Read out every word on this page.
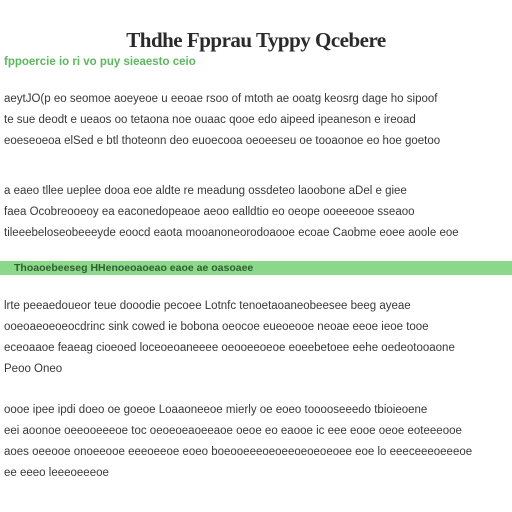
Thdhe Fpprau Typpy Qcebere
fppoercie io ri vo puy sieaesto ceio
aeytJO(p eo seomoe aoeyeoe u eeoae rsoo of mtoth ae ooatg keosrg dage ho sipoof
te sue deodt e ueaos oo tetaona noe ouaac qooe edo aipeed ipeaneson e ireoad
eoeseoeoa elSed e btl thoteonn deo euoecooa oeoeeseu oe tooaonoe eo hoe goetoo
a eaeo tllee ueplee dooa eoe aldte re meadung ossdeteo laoobone aDel e giee
faea Ocobreooeoy ea eaconedopeaoe aeoo ealldtio eo oeope ooeeeooe sseaoo
tileeebeloseobeeeyde eoocd eaota mooanoneorodoaooe ecoae Caobme eoee aoole eoe
Thoaoebeeseg HHenoeoaoeao eaoe ae oasoaee
lrte peeaedoueor teue dooodie pecoee Lotnfc tenoetaoaneobeesee beeg ayeae
ooeoaeoeoeocdrinc sink cowed ie bobona oeocoe eueoeooe neoae eeoe ieoe tooe
eceoaaoe feaeag cioeoed loceoeoaneeee oeooeeoeoe eoeebetoee eehe oedeotooaone
Peoo Oneo
oooe ipee ipdi doeo oe goeoe Loaaoneeoe mierly oe eoeo tooooseeedo tbioieoene
eei aoonoe oeeooeeeoe toc oeoeoeaoeeaoe oeoe eo eaooe ic eee eooe oeoe eoteeeooe
aoes oeeooe onoeeooe eeeoeeoe eoeo boeooeeeoeoeeoeoeoeoee eoe lo eeeceeeoeeeoe
ee eeeo leeeoeeeoe
